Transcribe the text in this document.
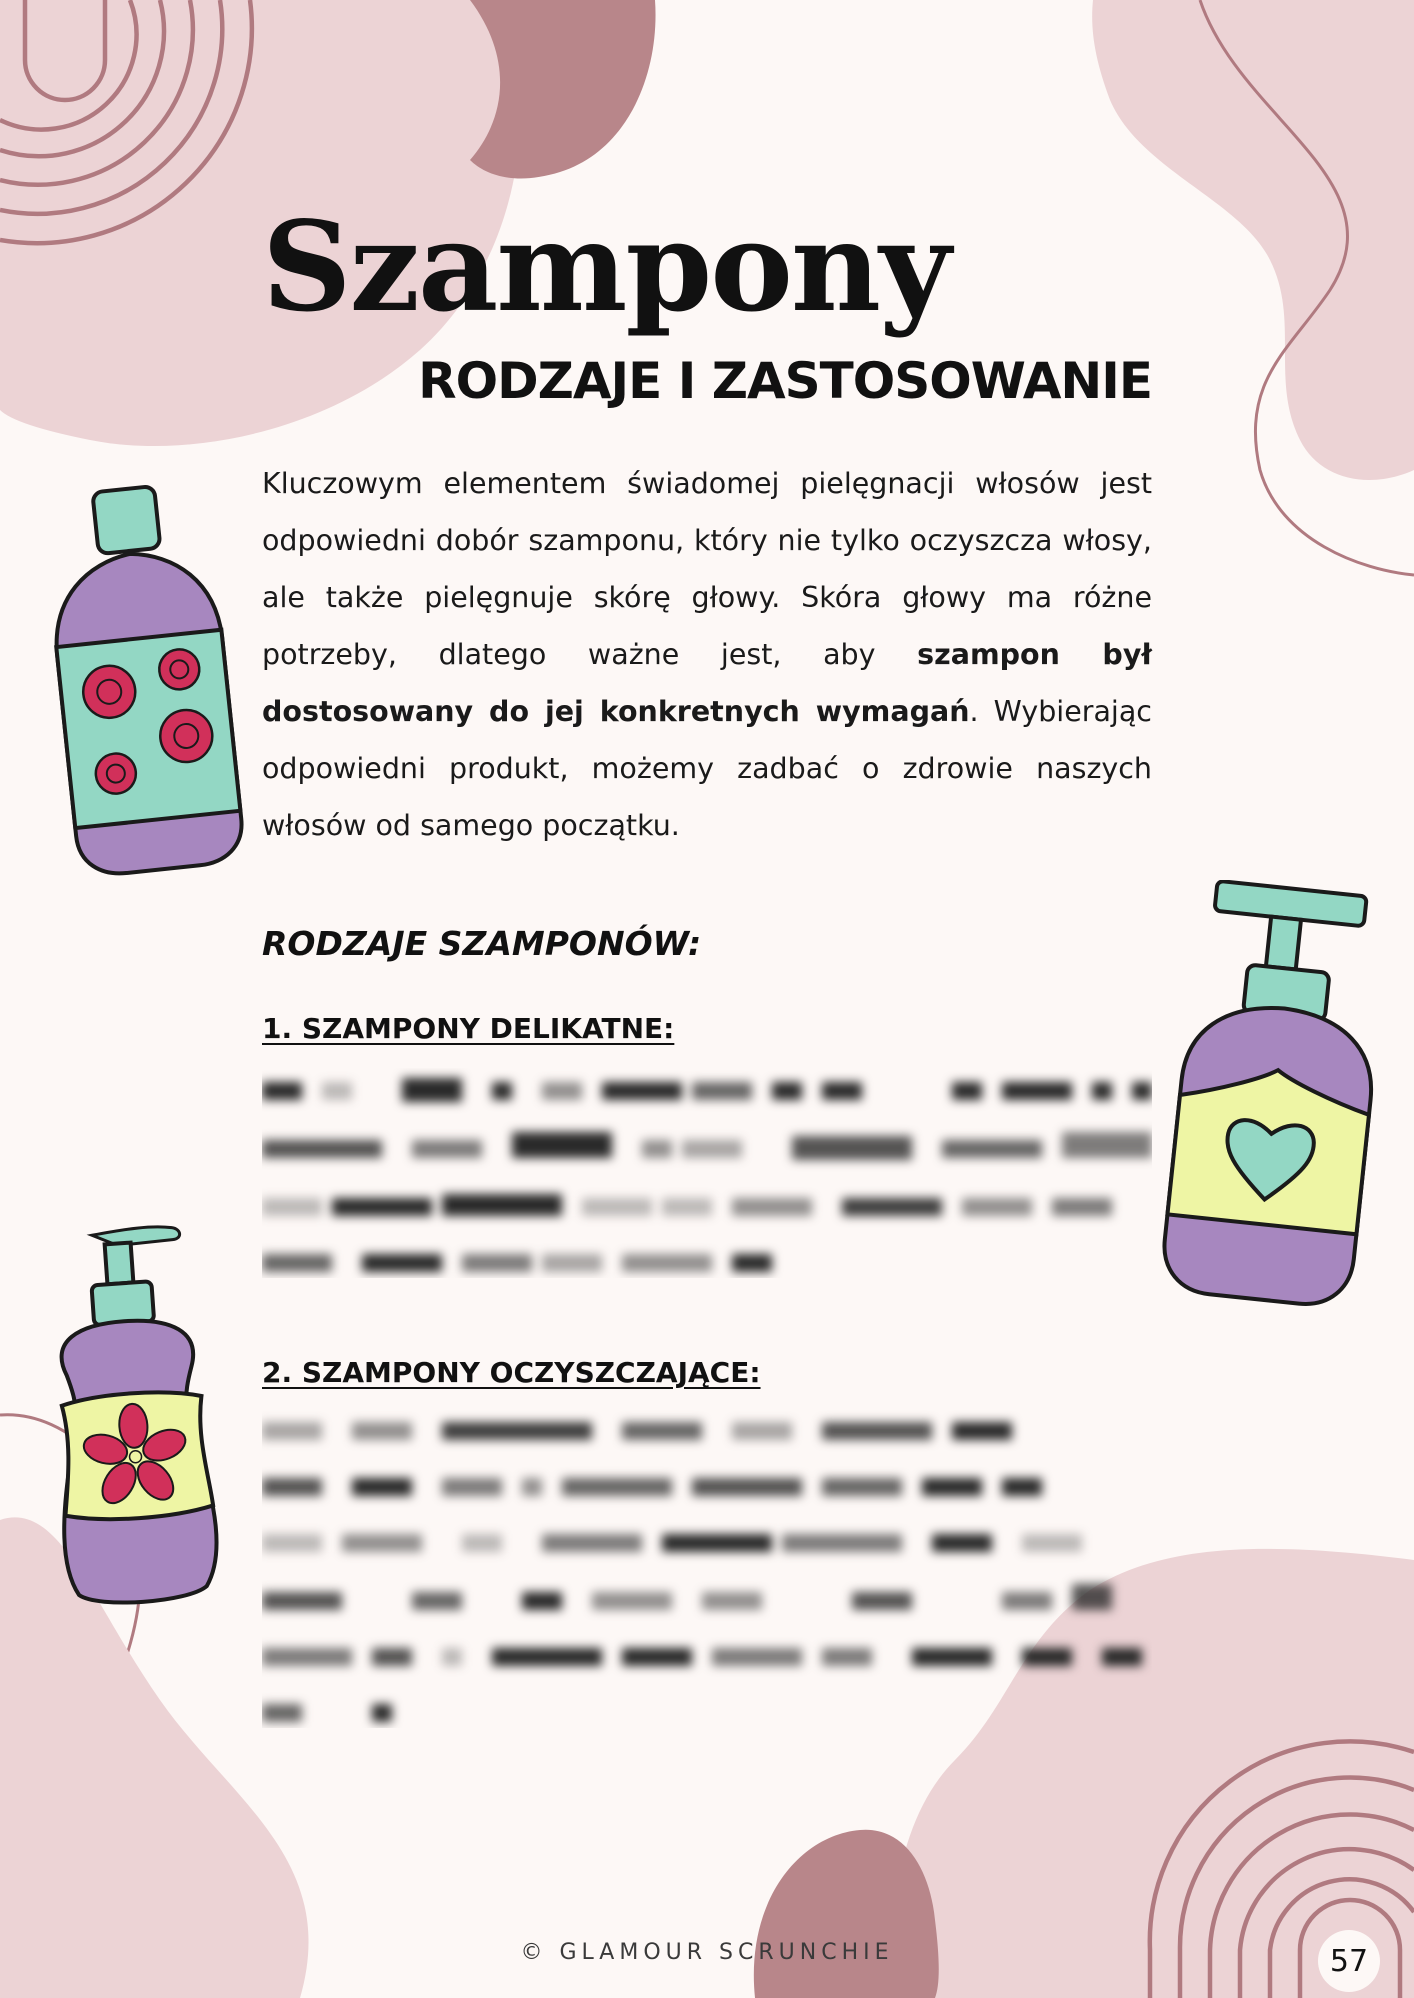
Szampony
RODZAJE I ZASTOSOWANIE

Kluczowym elementem świadomej pielęgnacji włosów jest odpowiedni dobór szamponu, który nie tylko oczyszcza włosy, ale także pielęgnuje skórę głowy. Skóra głowy ma różne potrzeby, dlatego ważne jest, aby szampon był dostosowany do jej konkretnych wymagań. Wybierając odpowiedni produkt, możemy zadbać o zdrowie naszych włosów od samego początku.

RODZAJE SZAMPONÓW:
1. SZAMPONY DELIKATNE:
2. SZAMPONY OCZYSZCZAJĄCE:

© GLAMOUR SCRUNCHIE	57
